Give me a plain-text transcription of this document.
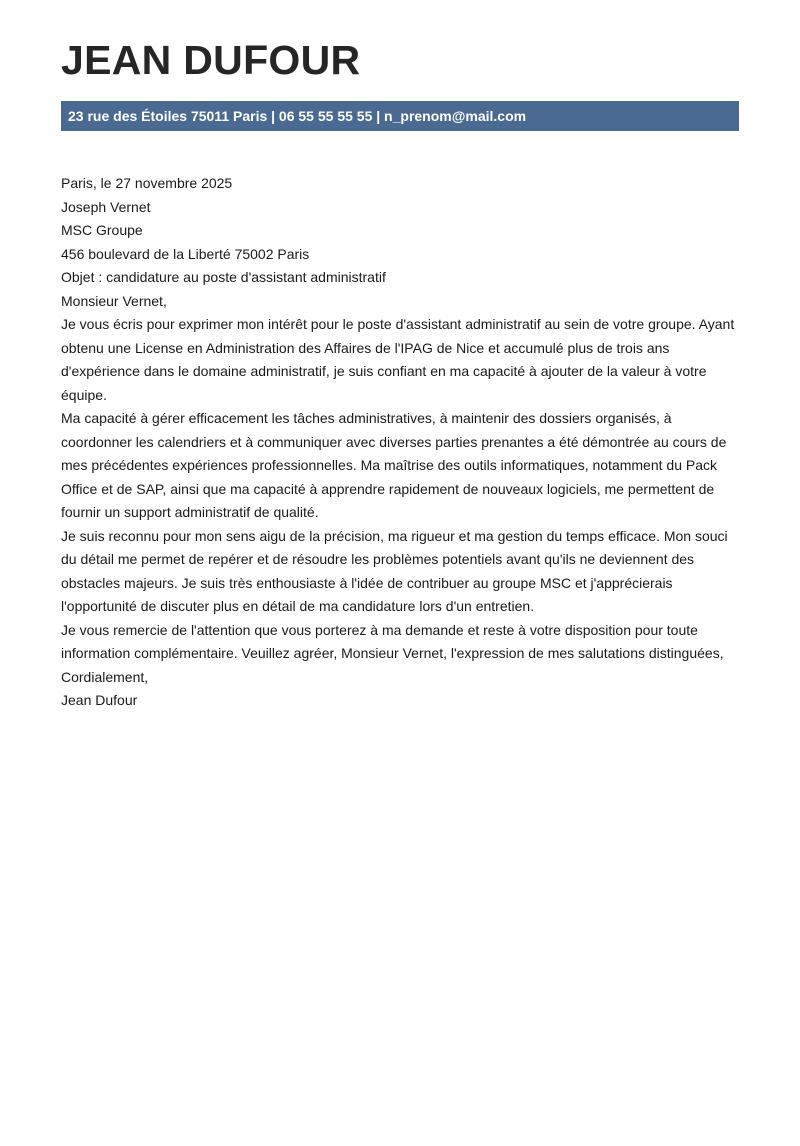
JEAN DUFOUR
23 rue des Étoiles 75011 Paris | 06 55 55 55 55 | n_prenom@mail.com

Paris, le 27 novembre 2025

Joseph Vernet
MSC Groupe
456 boulevard de la Liberté 75002 Paris

Objet : candidature au poste d'assistant administratif

Monsieur Vernet,

Je vous écris pour exprimer mon intérêt pour le poste d'assistant administratif au sein de votre groupe. Ayant obtenu une License en Administration des Affaires de l'IPAG de Nice et accumulé plus de trois ans d'expérience dans le domaine administratif, je suis confiant en ma capacité à ajouter de la valeur à votre équipe.

Ma capacité à gérer efficacement les tâches administratives, à maintenir des dossiers organisés, à coordonner les calendriers et à communiquer avec diverses parties prenantes a été démontrée au cours de mes précédentes expériences professionnelles. Ma maîtrise des outils informatiques, notamment du Pack Office et de SAP, ainsi que ma capacité à apprendre rapidement de nouveaux logiciels, me permettent de fournir un support administratif de qualité.

Je suis reconnu pour mon sens aigu de la précision, ma rigueur et ma gestion du temps efficace. Mon souci du détail me permet de repérer et de résoudre les problèmes potentiels avant qu'ils ne deviennent des obstacles majeurs. Je suis très enthousiaste à l'idée de contribuer au groupe MSC et j'apprécierais l'opportunité de discuter plus en détail de ma candidature lors d'un entretien.

Je vous remercie de l'attention que vous porterez à ma demande et reste à votre disposition pour toute information complémentaire. Veuillez agréer, Monsieur Vernet, l'expression de mes salutations distinguées,

Cordialement,

Jean Dufour
